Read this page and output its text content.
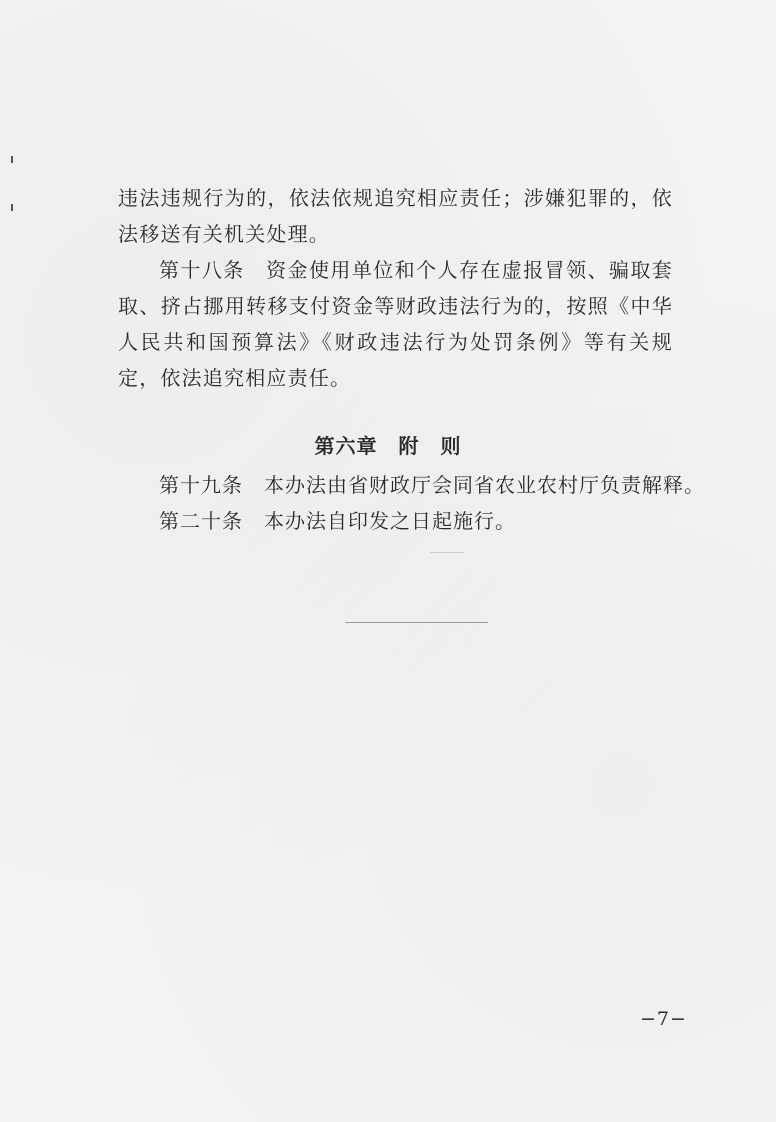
违法违规行为的，依法依规追究相应责任；涉嫌犯罪的，依法移送有关机关处理。

第十八条　资金使用单位和个人存在虚报冒领、骗取套取、挤占挪用转移支付资金等财政违法行为的，按照《中华人民共和国预算法》《财政违法行为处罚条例》等有关规定，依法追究相应责任。

第六章　附　则

第十九条　本办法由省财政厅会同省农业农村厅负责解释。

第二十条　本办法自印发之日起施行。

−7−
